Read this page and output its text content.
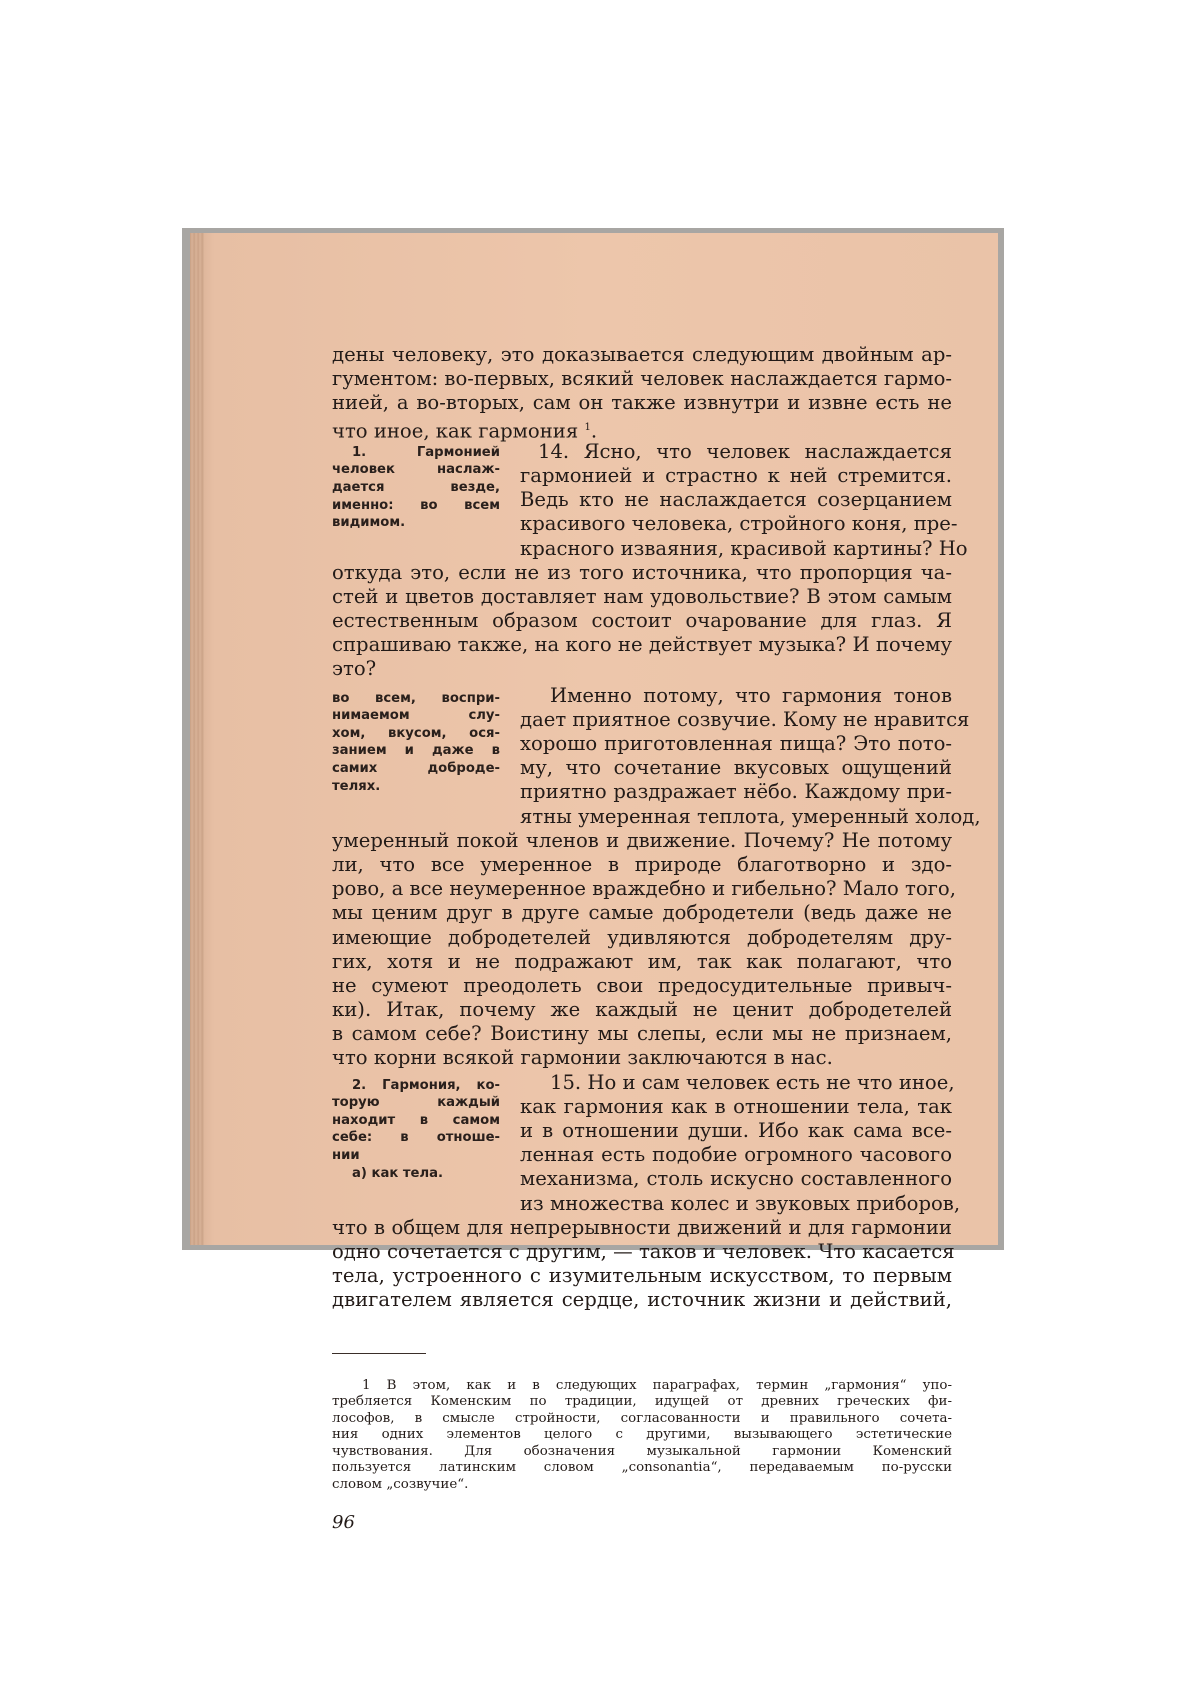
дены человеку, это доказывается следующим двойным ар-
гументом: во-первых, всякий человек наслаждается гармо-
нией, а во-вторых, сам он также извнутри и извне есть не
что иное, как гармония $^1$.
1. Гармонией
человек наслаж-
дается везде,
именно: во всем
видимом.
14. Ясно, что человек наслаждается
гармонией и страстно к ней стремится.
Ведь кто не наслаждается созерцанием
красивого человека, стройного коня, пре-
красного изваяния, красивой картины? Но
откуда это, если не из того источника, что пропорция ча-
стей и цветов доставляет нам удовольствие? В этом самым
естественным образом состоит очарование для глаз. Я
спрашиваю также, на кого не действует музыка? И почему
это?
во всем, воспри-
нимаемом слу-
хом, вкусом, ося-
занием и даже в
самих доброде-
телях.
Именно потому, что гармония тонов
дает приятное созвучие. Кому не нравится
хорошо приготовленная пища? Это пото-
му, что сочетание вкусовых ощущений
приятно раздражает нёбо. Каждому при-
ятны умеренная теплота, умеренный холод,
умеренный покой членов и движение. Почему? Не потому
ли, что все умеренное в природе благотворно и здо-
рово, а все неумеренное враждебно и гибельно? Мало того,
мы ценим друг в друге самые добродетели (ведь даже не
имеющие добродетелей удивляются добродетелям дру-
гих, хотя и не подражают им, так как полагают, что
не сумеют преодолеть свои предосудительные привыч-
ки). Итак, почему же каждый не ценит добродетелей
в самом себе? Воистину мы слепы, если мы не признаем,
что корни всякой гармонии заключаются в нас.
2. Гармония, ко-
торую каждый
находит в самом
себе: в отноше-
нии
а) как тела.
15. Но и сам человек есть не что иное,
как гармония как в отношении тела, так
и в отношении души. Ибо как сама все-
ленная есть подобие огромного часового
механизма, столь искусно составленного
из множества колес и звуковых приборов,
что в общем для непрерывности движений и для гармонии
одно сочетается с другим, — таков и человек. Что касается
тела, устроенного с изумительным искусством, то первым
двигателем является сердце, источник жизни и действий,
1 В этом, как и в следующих параграфах, термин „гармония“ упо-
требляется Коменским по традиции, идущей от древних греческих фи-
лософов, в смысле стройности, согласованности и правильного сочета-
ния одних элементов целого с другими, вызывающего эстетические
чувствования. Для обозначения музыкальной гармонии Коменский
пользуется латинским словом „consonantia“, передаваемым по-русски
словом „созвучие“.
96
